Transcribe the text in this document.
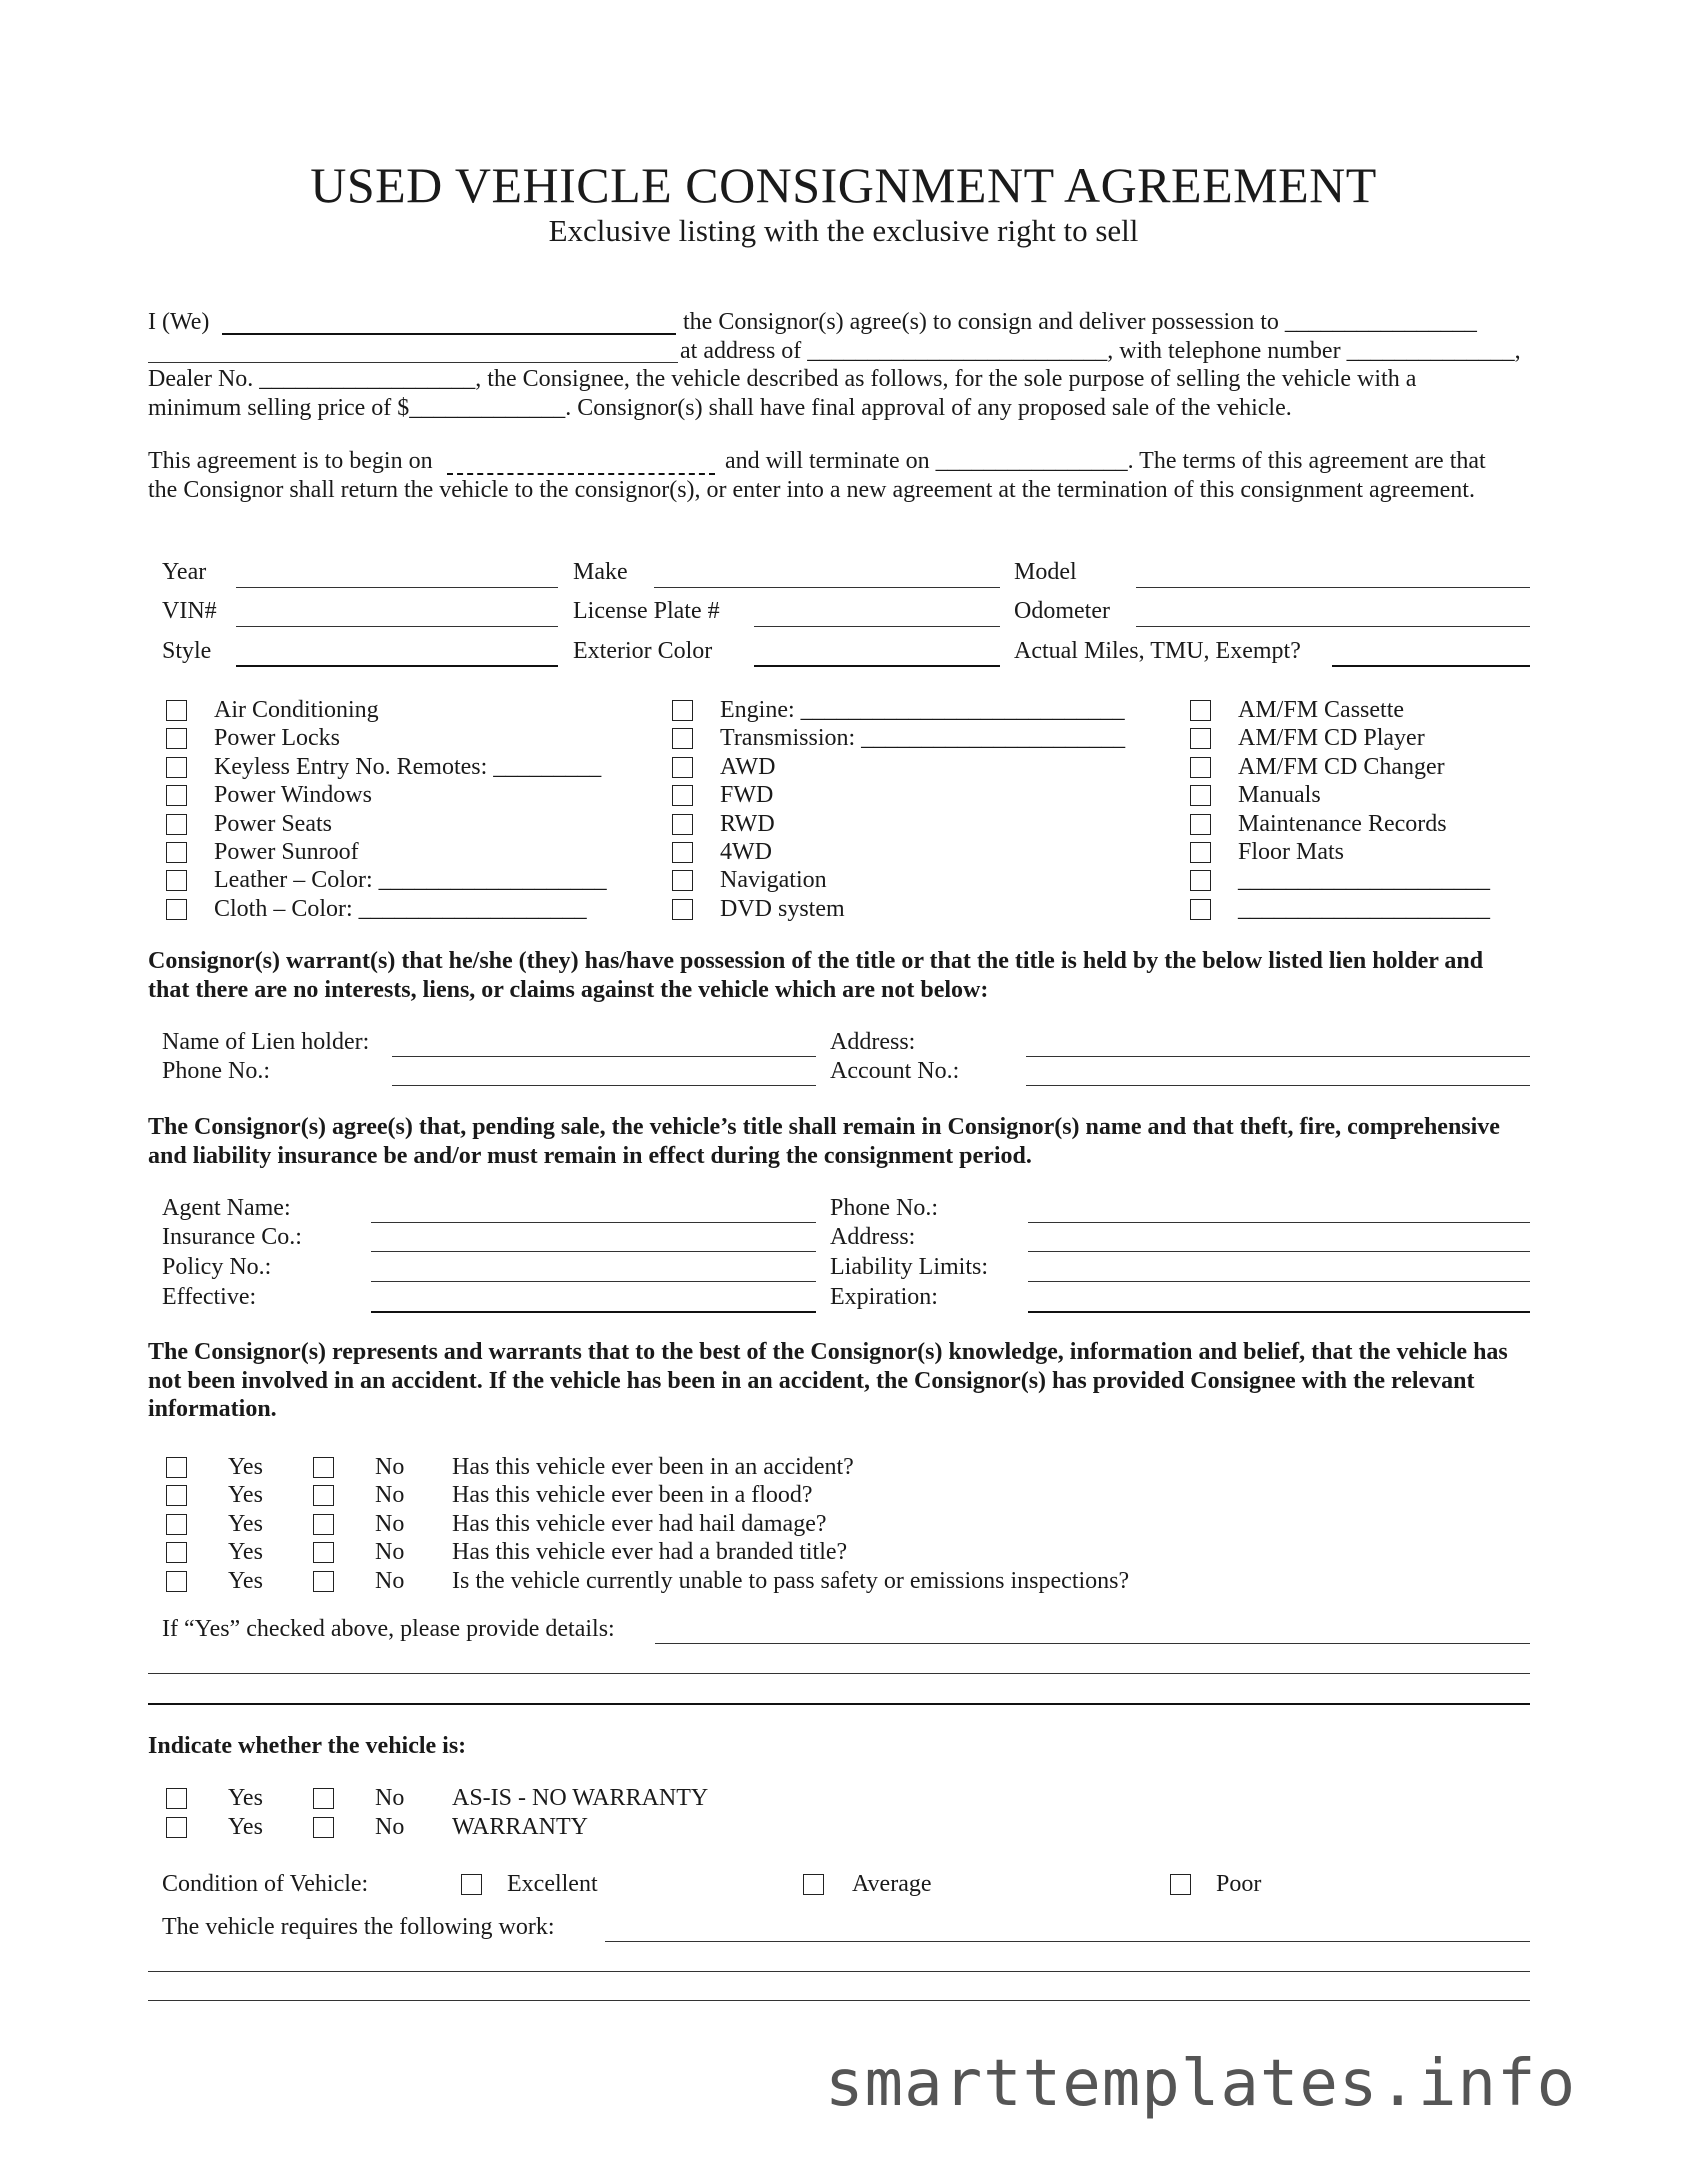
USED VEHICLE CONSIGNMENT AGREEMENT
Exclusive listing with the exclusive right to sell
I (We)	the Consignor(s) agree(s) to consign and deliver possession to ________________
at address of _________________________, with telephone number ______________,
Dealer No. __________________, the Consignee, the vehicle described as follows, for the sole purpose of selling the vehicle with a
minimum selling price of $_____________. Consignor(s) shall have final approval of any proposed sale of the vehicle.
This agreement is to begin on	and will terminate on ________________. The terms of this agreement are that
the Consignor shall return the vehicle to the consignor(s), or enter into a new agreement at the termination of this consignment agreement.
Year	Make	Model
VIN#	License Plate #	Odometer
Style	Exterior Color	Actual Miles, TMU, Exempt?
Air Conditioning
Power Locks
Keyless Entry No. Remotes: _________
Power Windows
Power Seats
Power Sunroof
Leather – Color: ___________________
Cloth – Color: ___________________
Engine: ___________________________
Transmission: ______________________
AWD
FWD
RWD
4WD
Navigation
DVD system
AM/FM Cassette
AM/FM CD Player
AM/FM CD Changer
Manuals
Maintenance Records
Floor Mats
_____________________
_____________________
Consignor(s) warrant(s) that he/she (they) has/have possession of the title or that the title is held by the below listed lien holder and that there are no interests, liens, or claims against the vehicle which are not below:
Name of Lien holder:	Address:
Phone No.:	Account No.:
The Consignor(s) agree(s) that, pending sale, the vehicle’s title shall remain in Consignor(s) name and that theft, fire, comprehensive and liability insurance be and/or must remain in effect during the consignment period.
Agent Name:	Phone No.:
Insurance Co.:	Address:
Policy No.:	Liability Limits:
Effective:	Expiration:
The Consignor(s) represents and warrants that to the best of the Consignor(s) knowledge, information and belief, that the vehicle has not been involved in an accident. If the vehicle has been in an accident, the Consignor(s) has provided Consignee with the relevant information.
Yes	No Has this vehicle ever been in an accident?
Yes	No Has this vehicle ever been in a flood?
Yes	No Has this vehicle ever had hail damage?
Yes	No Has this vehicle ever had a branded title?
Yes	No Is the vehicle currently unable to pass safety or emissions inspections?
If “Yes” checked above, please provide details:
Indicate whether the vehicle is:
Yes	No AS-IS - NO WARRANTY
Yes	No WARRANTY
Condition of Vehicle:	Excellent	Average	Poor
The vehicle requires the following work:
smarttemplates.info
